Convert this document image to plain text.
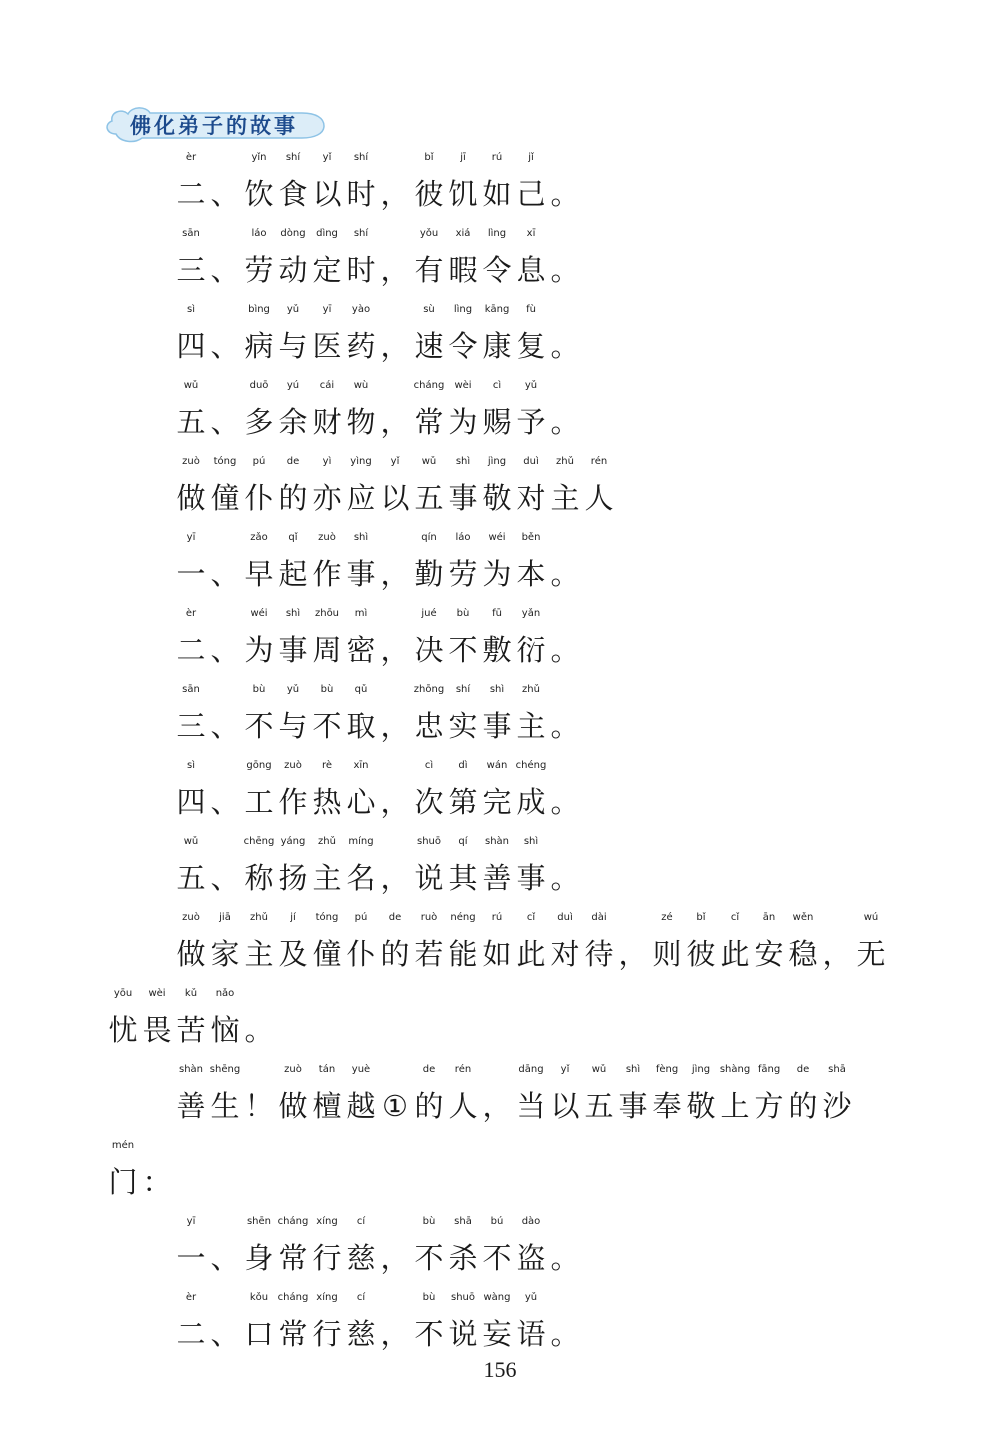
佛化弟子的故事
èr
二 、
yǐn
饮
shí
食
yǐ
以
shí
时 ，
bǐ
彼
jī
饥
rú
如
jǐ
己 。
sān
三 、
láo
劳
dòng
动
dìng
定
shí
时 ，
yǒu
有
xiá
暇
lìng
令
xī
息 。
sì
四 、
bìng
病
yǔ
与
yī
医
yào
药 ，
sù
速
lìng
令
kāng
康
fù
复 。
wǔ
五 、
duō
多
yú
余
cái
财
wù
物 ，
cháng
常
wèi
为
cì
赐
yǔ
予 。
zuò
做
tóng
僮
pú
仆
de
的
yì
亦
yìng
应
yǐ
以
wǔ
五
shì
事
jìng
敬
duì
对
zhǔ
主
rén
人
yī
一 、
zǎo
早
qǐ
起
zuò
作
shì
事 ，
qín
勤
láo
劳
wéi
为
běn
本 。
èr
二 、
wéi
为
shì
事
zhōu
周
mì
密 ，
jué
决
bù
不
fū
敷
yǎn
衍 。
sān
三 、
bù
不
yǔ
与
bù
不
qǔ
取 ，
zhōng
忠
shí
实
shì
事
zhǔ
主 。
sì
四 、
gōng
工
zuò
作
rè
热
xīn
心 ，
cì
次
dì
第
wán
完
chéng
成 。
wǔ
五 、
chēng
称
yáng
扬
zhǔ
主
míng
名 ，
shuō
说
qí
其
shàn
善
shì
事 。
zuò
做
jiā
家
zhǔ
主
jí
及
tóng
僮
pú
仆
de
的
ruò
若
néng
能
rú
如
cǐ
此
duì
对
dài
待 ，
zé
则
bǐ
彼
cǐ
此
ān
安
wěn
稳 ，
wú
无
yōu
忧
wèi
畏
kǔ
苦
nǎo
恼 。
shàn
善
shēng
生 ！
zuò
做
tán
檀
yuè
越 ①
de
的
rén
人 ，
dāng
当
yǐ
以
wǔ
五
shì
事
fèng
奉
jìng
敬
shàng
上
fāng
方
de
的
shā
沙
mén
门 ：
yī
一 、
shēn
身
cháng
常
xíng
行
cí
慈 ，
bù
不
shā
杀
bú
不
dào
盗 。
èr
二 、
kǒu
口
cháng
常
xíng
行
cí
慈 ，
bù
不
shuō
说
wàng
妄
yǔ
语 。
156
